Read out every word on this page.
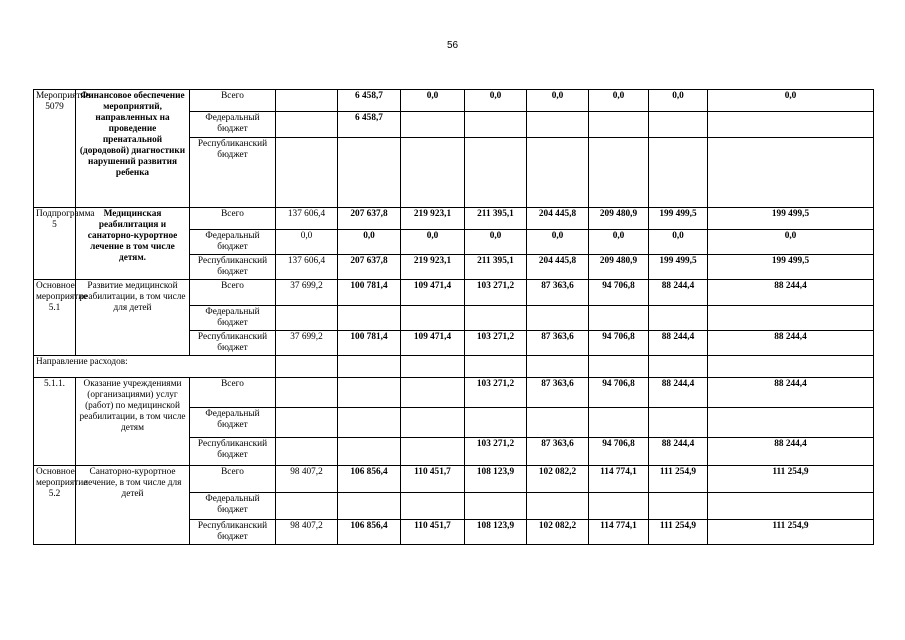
56
Мероприятие 5079	Финансовое обеспечение мероприятий, направленных на проведение пренатальной (дородовой) диагностики нарушений развития ребенка	Всего		6 458,7	0,0	0,0	0,0	0,0	0,0	0,0
		Федеральный бюджет		6 458,7						
		Республиканский бюджет								
Подпрограмма 5	Медицинская реабилитация и санаторно-курортное лечение в том числе детям.	Всего	137 606,4	207 637,8	219 923,1	211 395,1	204 445,8	209 480,9	199 499,5	199 499,5
		Федеральный бюджет	0,0	0,0	0,0	0,0	0,0	0,0	0,0	0,0
		Республиканский бюджет	137 606,4	207 637,8	219 923,1	211 395,1	204 445,8	209 480,9	199 499,5	199 499,5
Основное мероприятие 5.1	Развитие медицинской реабилитации, в том числе для детей	Всего	37 699,2	100 781,4	109 471,4	103 271,2	87 363,6	94 706,8	88 244,4	88 244,4
		Федеральный бюджет								
		Республиканский бюджет	37 699,2	100 781,4	109 471,4	103 271,2	87 363,6	94 706,8	88 244,4	88 244,4
Направление расходов:										
5.1.1.	Оказание учреждениями (организациями) услуг (работ) по медицинской реабилитации, в том числе детям	Всего				103 271,2	87 363,6	94 706,8	88 244,4	88 244,4
		Федеральный бюджет								
		Республиканский бюджет				103 271,2	87 363,6	94 706,8	88 244,4	88 244,4
Основное мероприятие 5.2	Санаторно-курортное лечение, в том числе для детей	Всего	98 407,2	106 856,4	110 451,7	108 123,9	102 082,2	114 774,1	111 254,9	111 254,9
		Федеральный бюджет								
		Республиканский бюджет	98 407,2	106 856,4	110 451,7	108 123,9	102 082,2	114 774,1	111 254,9	111 254,9
